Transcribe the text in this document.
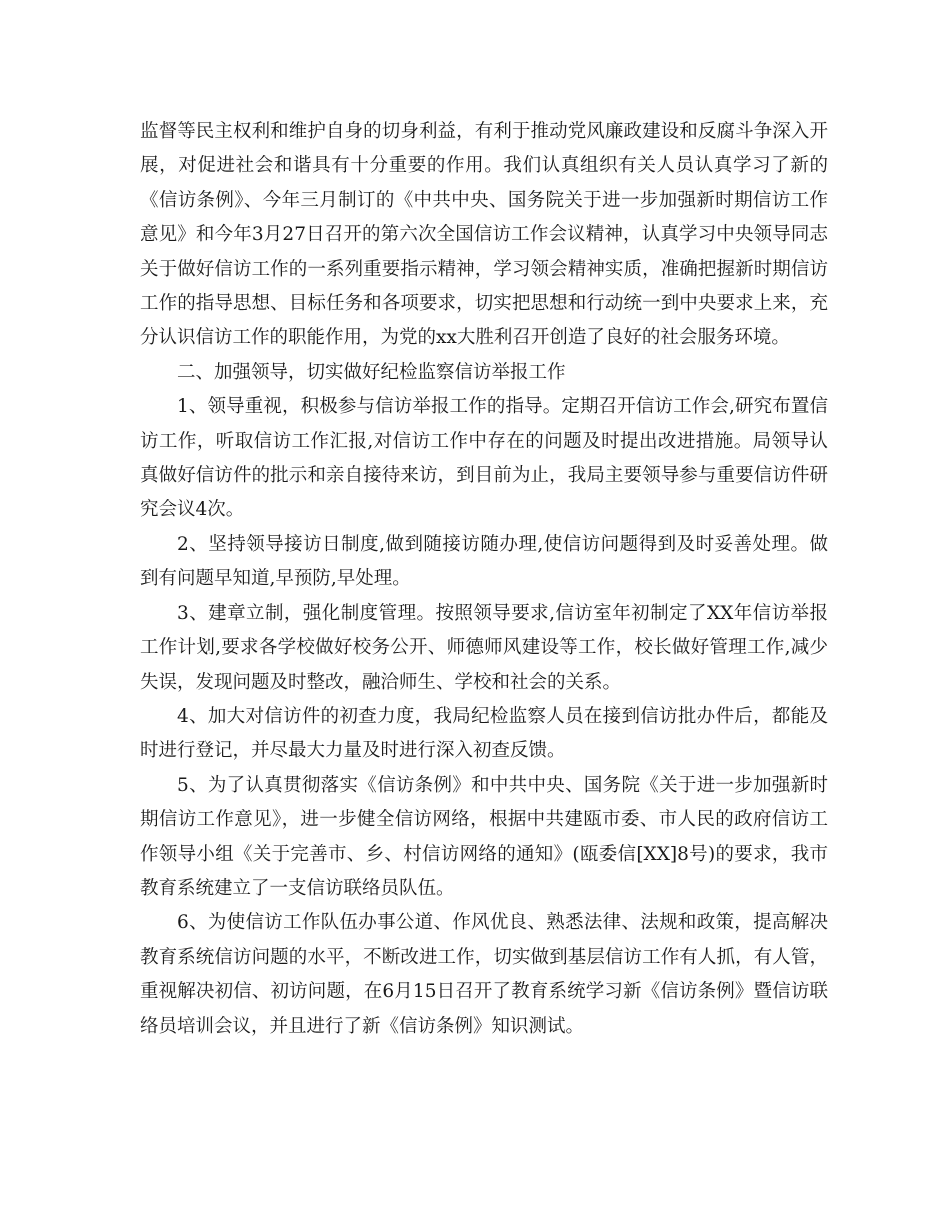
监督等民主权利和维护自身的切身利益，有利于推动党风廉政建设和反腐斗争深入开展，对促进社会和谐具有十分重要的作用。我们认真组织有关人员认真学习了新的《信访条例》、今年三月制订的《中共中央、国务院关于进一步加强新时期信访工作意见》和今年3月27日召开的第六次全国信访工作会议精神，认真学习中央领导同志关于做好信访工作的一系列重要指示精神，学习领会精神实质，准确把握新时期信访工作的指导思想、目标任务和各项要求，切实把思想和行动统一到中央要求上来，充分认识信访工作的职能作用，为党的xx大胜利召开创造了良好的社会服务环境。

二、加强领导，切实做好纪检监察信访举报工作

1、领导重视，积极参与信访举报工作的指导。定期召开信访工作会,研究布置信访工作，听取信访工作汇报,对信访工作中存在的问题及时提出改进措施。局领导认真做好信访件的批示和亲自接待来访，到目前为止，我局主要领导参与重要信访件研究会议4次。

2、坚持领导接访日制度,做到随接访随办理,使信访问题得到及时妥善处理。做到有问题早知道,早预防,早处理。

3、建章立制，强化制度管理。按照领导要求,信访室年初制定了XX年信访举报工作计划,要求各学校做好校务公开、师德师风建设等工作，校长做好管理工作,减少失误，发现问题及时整改，融洽师生、学校和社会的关系。

4、加大对信访件的初查力度，我局纪检监察人员在接到信访批办件后，都能及时进行登记，并尽最大力量及时进行深入初查反馈。

5、为了认真贯彻落实《信访条例》和中共中央、国务院《关于进一步加强新时期信访工作意见》，进一步健全信访网络，根据中共建瓯市委、市人民的政府信访工作领导小组《关于完善市、乡、村信访网络的通知》(瓯委信[XX]8号)的要求，我市教育系统建立了一支信访联络员队伍。

6、为使信访工作队伍办事公道、作风优良、熟悉法律、法规和政策，提高解决教育系统信访问题的水平，不断改进工作，切实做到基层信访工作有人抓，有人管，重视解决初信、初访问题，在6月15日召开了教育系统学习新《信访条例》暨信访联络员培训会议，并且进行了新《信访条例》知识测试。
